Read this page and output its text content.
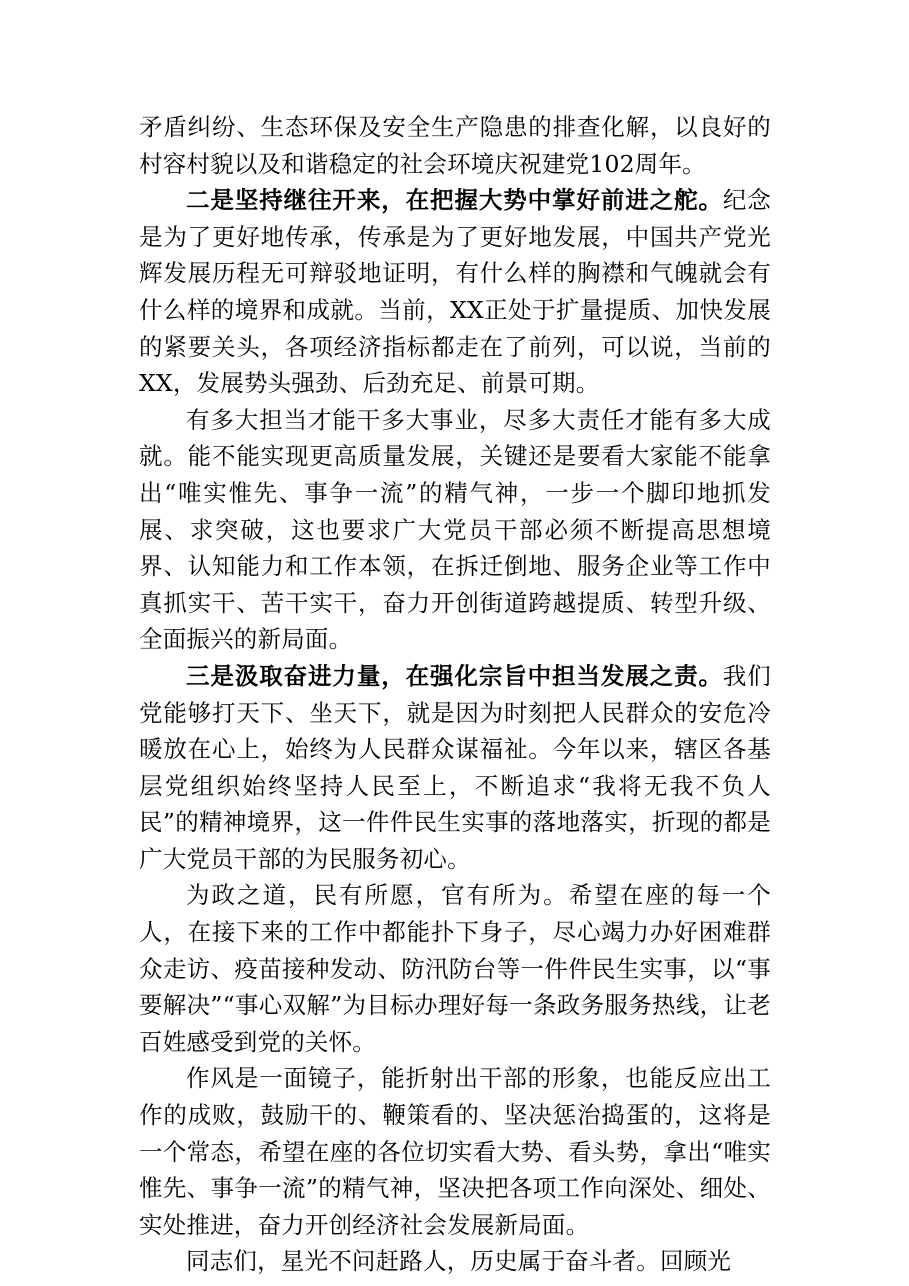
矛盾纠纷、生态环保及安全生产隐患的排查化解，以良好的村容村貌以及和谐稳定的社会环境庆祝建党102周年。

二是坚持继往开来，在把握大势中掌好前进之舵。纪念是为了更好地传承，传承是为了更好地发展，中国共产党光辉发展历程无可辩驳地证明，有什么样的胸襟和气魄就会有什么样的境界和成就。当前，XX正处于扩量提质、加快发展的紧要关头，各项经济指标都走在了前列，可以说，当前的XX，发展势头强劲、后劲充足、前景可期。

有多大担当才能干多大事业，尽多大责任才能有多大成就。能不能实现更高质量发展，关键还是要看大家能不能拿出“唯实惟先、事争一流”的精气神，一步一个脚印地抓发展、求突破，这也要求广大党员干部必须不断提高思想境界、认知能力和工作本领，在拆迁倒地、服务企业等工作中真抓实干、苦干实干，奋力开创街道跨越提质、转型升级、全面振兴的新局面。

三是汲取奋进力量，在强化宗旨中担当发展之责。我们党能够打天下、坐天下，就是因为时刻把人民群众的安危冷暖放在心上，始终为人民群众谋福祉。今年以来，辖区各基层党组织始终坚持人民至上，不断追求“我将无我不负人民”的精神境界，这一件件民生实事的落地落实，折现的都是广大党员干部的为民服务初心。

为政之道，民有所愿，官有所为。希望在座的每一个人，在接下来的工作中都能扑下身子，尽心竭力办好困难群众走访、疫苗接种发动、防汛防台等一件件民生实事，以“事要解决”“事心双解”为目标办理好每一条政务服务热线，让老百姓感受到党的关怀。

作风是一面镜子，能折射出干部的形象，也能反应出工作的成败，鼓励干的、鞭策看的、坚决惩治捣蛋的，这将是一个常态，希望在座的各位切实看大势、看头势，拿出“唯实惟先、事争一流”的精气神，坚决把各项工作向深处、细处、实处推进，奋力开创经济社会发展新局面。

同志们，星光不问赶路人，历史属于奋斗者。回顾光
